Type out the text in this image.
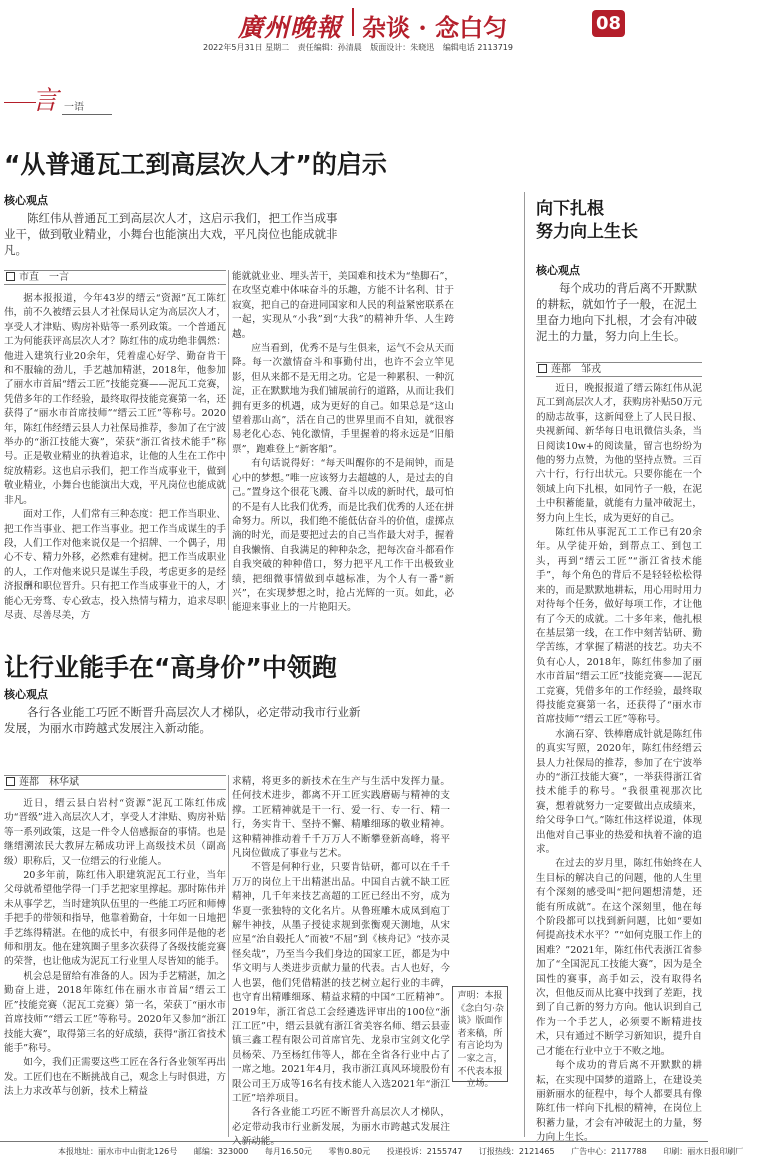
廣州晚報 杂谈 · 念白匀	08
2022年5月31日 星期二 责任编辑：孙清晨 版面设计：朱晓迅 编辑电话 2113719
言 一语
“从普通瓦工到高层次人才”的启示
核心观点
陈红伟从普通瓦工到高层次人才，这启示我们，把工作当成事业干，做到敬业精业，小舞台也能演出大戏，平凡岗位也能成就非凡。
市直　一言

据本报报道，今年43岁的缙云“资源”瓦工陈红伟，前不久被缙云县人才社保局认定为高层次人才，享受人才津贴、购房补贴等一系列政策。一个普通瓦工为何能获评高层次人才？陈红伟的成功绝非偶然：他进入建筑行业20余年，凭着虚心好学、勤奋肯干和不服输的劲儿，手艺越加精湛，2018年，他参加了丽水市首届“缙云工匠”技能竞赛——泥瓦工竞赛，凭借多年的工作经验，最终取得技能竞赛第一名，还获得了“丽水市首席技师”“缙云工匠”等称号。2020年，陈红伟经缙云县人力社保局推荐，参加了在宁波举办的“浙江技能大赛”，荣获“浙江省技术能手”称号。正是敬业精业的执着追求，让他的人生在工作中绽放精彩。这也启示我们，把工作当成事业干，做到敬业精业，小舞台也能演出大戏，平凡岗位也能成就非凡。

面对工作，人们常有三种态度：把工作当职业、把工作当事业、把工作当事业。把工作当成谋生的手段，人们工作对他来说仅是一个招牌、一个偶子，用心不专、精力外移，必然难有建树。把工作当成职业的人，工作对他来说只是谋生手段，考虑更多的是经济报酬和职位晋升。只有把工作当成事业干的人，才能心无旁骛、专心致志，投入热情与精力，追求尽职尽责、尽善尽美，方

能就就业业、埋头苦干，美国难和技术为“垫脚石”，在攻坚克难中体味奋斗的乐趣，方能不计名利、甘于寂寞，把自己的奋进同国家和人民的利益紧密联系在一起，实现从“小我”到“大我”的精神升华、人生跨越。

应当看到，优秀不是与生俱来，运气不会从天而降。每一次激情奋斗和事勤付出，也许不会立竿见影，但从来都不是无用之功。它是一种累积、一种沉淀，正在默默地为我们铺展前行的道路，从而让我们拥有更多的机遇，成为更好的自己。如果总是“这山望着那山高”，活在自己的世界里而不自知，就很容易老化心态、钝化激情，手里握着的将永远是“旧船票”，跑难登上“新客船”。

有句话说得好：“每天叫醒你的不是闹钟，而是心中的梦想。”唯一应该努力去超越的人，是过去的自己。”置身这个很花飞溅、奋斗以成的新时代，最可怕的不是有人比我们优秀，而是比我们优秀的人还在拼命努力。所以，我们绝不能低估奋斗的价值，虚掷点滴的时光，而是要把过去的自己当作最大对手，握着自我懒惰、自我满足的种种杂念，把每次奋斗都看作自我突破的种种借口，努力把平凡工作干出极致业绩，把细微事情做到卓越标准，为个人有一番“新兴”，在实现梦想之时，抢占光辉的一页。如此，必能迎来事业上的一片艳阳天。

让行业能手在“高身价”中领跑
核心观点
各行各业能工巧匠不断晋升高层次人才梯队，必定带动我市行业新发展，为丽水市跨越式发展注入新动能。
莲都　林华斌

近日，缙云县白岩村“资源”泥瓦工陈红伟成功“晋级”进入高层次人才，享受人才津贴、购房补贴等一系列政策，这是一件令人倍感振奋的事情。也是继缙溯浓民大教屏左稀成功评上高级技术员（副高级）职称后，又一位缙云的行业能人。

20多年前，陈红伟入职建筑泥瓦工行业，当年父母就希望他学得一门手艺把家里撑起。那时陈伟并未从事学艺，当时建筑队伍里的一些能工巧匠和师傅手把手的带领和指导，他靠着勤奋，十年如一日地把手艺练得精湛。在他的成长中，有很多同伴是他的老师和朋友。他在建筑圈子里多次获得了各级技能竞赛的荣誉，也让他成为泥瓦工行业里人尽皆知的能手。

机会总是留给有准备的人。因为手艺精湛，加之勤奋上进，2018年陈红伟在丽水市首届“缙云工匠”技能竞赛（泥瓦工竞赛）第一名，荣获丁“丽水市首席技师”“缙云工匠”等称号。2020年又参加“浙江技能大赛”，取得第三名的好成绩，获得“浙江省技术能手”称号。

如今，我们正需要这些工匠在各行各业领军再出发。工匠们也在不断挑战自己，观念上与时俱进，方法上力求改革与创新，技术上精益

求精，将更多的新技术在生产与生活中发挥力量。任何技术进步，都离不开工匠实践磨砺与精神的支撑。工匠精神就是干一行、爱一行、专一行、精一行，务实肯干、坚持不懈、精雕细琢的敬业精神。这种精神推动着千千万万人不断攀登新高峰，将平凡岗位做成了事业与艺术。

不管是何种行业，只要肯钻研，都可以在千千万万的岗位上干出精湛出品。中国自古就不缺工匠精神，几千年来技艺高超的工匠已经出不穷，成为华夏一张独特的文化名片。从鲁班雕木成凤到庖丁解牛神技，从墨子授徒求规到张衡观天测地，从宋应星“治自毂托人”而被“不屈”到《核舟记》“技亦灵怪矣哉”，乃至当今我们身边的国家工匠，都是为中华文明与人类进步贡献力量的代表。古人也好，今人也罢，他们凭借精湛的技艺树立起行业的丰碑，也守育出精雕细琢、精益求精的中国“工匠精神”。2019年，浙江省总工会经遴选评审出的100位“浙江工匠”中，缙云县就有浙江省美容名师、缙云县壶镇三鑫工程有限公司首席官先、龙泉市宝剑文化学员杨荣、乃至杨红伟等人，都在全省各行业中占了一席之地。2021年4月，我市浙江真风环境股份有限公司王万成等16名有技术能人入选2021年“浙江工匠”培养项目。

各行各业能工巧匠不断晋升高层次人才梯队，必定带动我市行业新发展，为丽水市跨越式发展注入新动能。

声明：本报《念白匀·杂谈》版面作者来稿，所有言论均为一家之言，不代表本报立场。
向下扎根
努力向上生长
核心观点
每个成功的背后离不开默默的耕耘，就如竹子一般，在泥土里奋力地向下扎根，才会有冲破泥土的力量，努力向上生长。
莲都　邹戎

近日，晚报报道了缙云陈红伟从泥瓦工到高层次人才，获购房补贴50万元的励志故事，这新闻登上了人民日报、央视新闻、新华每日电讯微信头条，当日阅读10w+的阅读量，留言也纷纷为他的努力点赞，为他的坚持点赞。三百六十行，行行出状元。只要你能在一个领域上向下扎根，如同竹子一般，在泥土中积蓄能量，就能有力量冲破泥土，努力向上生长，成为更好的自己。

陈红伟从事泥瓦工工作已有20余年。从学徒开始，到帮点工、到包工头，再到“缙云工匠”“浙江省技术能手”，每个角色的背后不是轻轻松松得来的，而是默默地耕耘，用心用时用力对待每个任务，做好每项工作，才让他有了今天的成就。二十多年来，他扎根在基层第一线，在工作中刻苦钻研、勤学苦练，才掌握了精湛的技艺。功夫不负有心人，2018年，陈红伟参加了丽水市首届“缙云工匠”技能竞赛——泥瓦工竞赛，凭借多年的工作经验，最终取得技能竞赛第一名，还获得了“丽水市首席技师”“缙云工匠”等称号。

水滴石穿、铁棒磨成针就是陈红伟的真实写照，2020年，陈红伟经缙云县人力社保局的推荐，参加了在宁波举办的“浙江技能大赛”，一举获得浙江省技术能手的称号。“我很重视那次比赛，想着就努力一定要做出点成绩来，给父母争口气。”陈红伟这样说道，体现出他对自己事业的热爱和执着不渝的追求。

在过去的岁月里，陈红伟始终在人生目标的解决自己的问题，他的人生里有个深刻的感受叫“把问题想清楚，还能有所成就”。在这个深刻里，他在每个阶段都可以找到新问题，比如“要如何提高技术水平？”“如何克服工作上的困难？”2021年，陈红伟代表浙江省参加了“全国泥瓦工技能大赛”，因为是全国性的赛事，高手如云，没有取得名次，但他反而从比赛中找到了差距，找到了自己新的努力方向。他认识到自己作为一个手艺人，必须要不断精进技术，只有通过不断学习新知识，提升自己才能在行业中立于不败之地。

每个成功的背后离不开默默的耕耘，在实现中国梦的道路上，在建设美丽新丽水的征程中，每个人都要具有像陈红伟一样向下扎根的精神，在岗位上积蓄力量，才会有冲破泥土的力量，努力向上生长。

本报地址：丽水市中山街北126号 邮编：323000 每月16.50元 零售0.80元 投递投诉：2155747 订报热线：2121465 广告中心：2117788 印刷：丽水日报印刷厂
